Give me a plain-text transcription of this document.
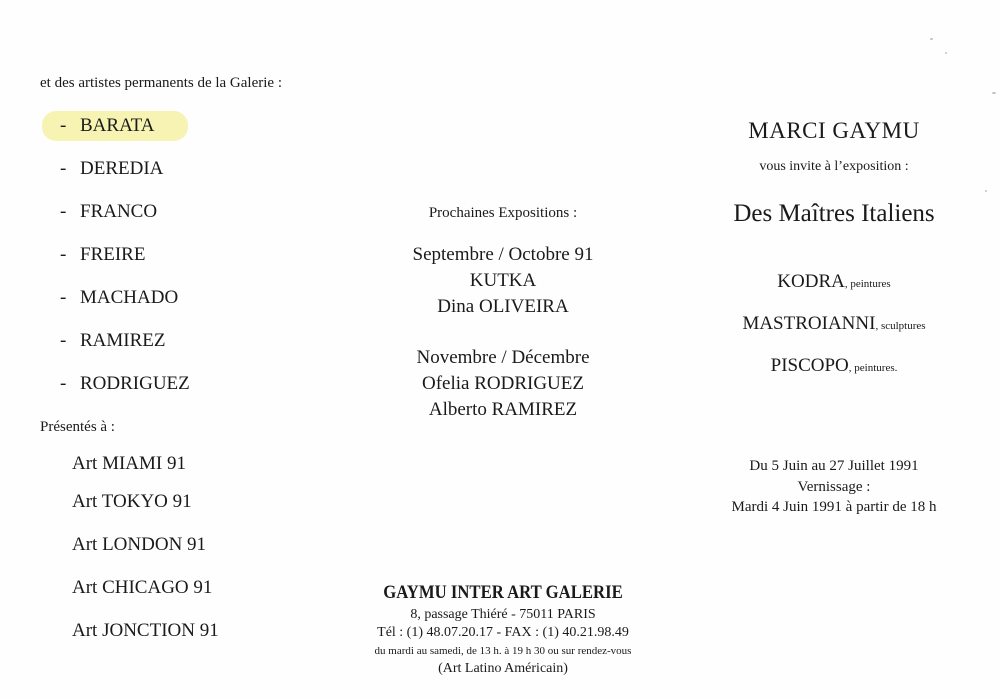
et des artistes permanents de la Galerie :
- BARATA
- DEREDIA
- FRANCO
- FREIRE
- MACHADO
- RAMIREZ
- RODRIGUEZ
Présentés à :
Art MIAMI 91
Art TOKYO 91
Art LONDON 91
Art CHICAGO 91
Art JONCTION 91
Prochaines Expositions :
Septembre / Octobre 91
KUTKA
Dina OLIVEIRA
Novembre / Décembre
Ofelia RODRIGUEZ
Alberto RAMIREZ
GAYMU INTER ART GALERIE
8, passage Thiéré - 75011 PARIS
Tél : (1) 48.07.20.17 - FAX : (1) 40.21.98.49
du mardi au samedi, de 13 h. à 19 h 30 ou sur rendez-vous
(Art Latino Américain)
MARCI GAYMU
vous invite à l’exposition :
Des Maîtres Italiens
KODRA, peintures
MASTROIANNI, sculptures
PISCOPO, peintures.
Du 5 Juin au 27 Juillet 1991
Vernissage :
Mardi 4 Juin 1991 à partir de 18 h
